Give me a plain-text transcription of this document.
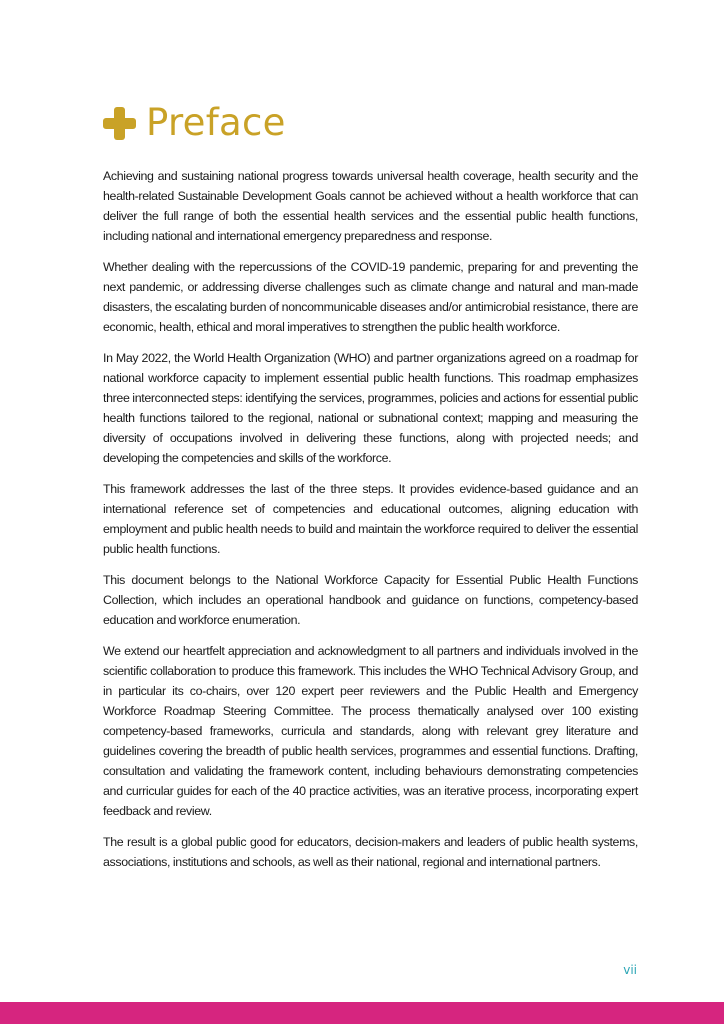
Preface

Achieving and sustaining national progress towards universal health coverage, health security and the health-related Sustainable Development Goals cannot be achieved without a health workforce that can deliver the full range of both the essential health services and the essential public health functions, including national and international emergency preparedness and response.

Whether dealing with the repercussions of the COVID-19 pandemic, preparing for and preventing the next pandemic, or addressing diverse challenges such as climate change and natural and man-made disasters, the escalating burden of noncommunicable diseases and/or antimicrobial resistance, there are economic, health, ethical and moral imperatives to strengthen the public health workforce.

In May 2022, the World Health Organization (WHO) and partner organizations agreed on a roadmap for national workforce capacity to implement essential public health functions. This roadmap emphasizes three interconnected steps: identifying the services, programmes, policies and actions for essential public health functions tailored to the regional, national or subnational context; mapping and measuring the diversity of occupations involved in delivering these functions, along with projected needs; and developing the competencies and skills of the workforce.

This framework addresses the last of the three steps. It provides evidence-based guidance and an international reference set of competencies and educational outcomes, aligning education with employment and public health needs to build and maintain the workforce required to deliver the essential public health functions.

This document belongs to the National Workforce Capacity for Essential Public Health Functions Collection, which includes an operational handbook and guidance on functions, competency-based education and workforce enumeration.

We extend our heartfelt appreciation and acknowledgment to all partners and individuals involved in the scientific collaboration to produce this framework. This includes the WHO Technical Advisory Group, and in particular its co-chairs, over 120 expert peer reviewers and the Public Health and Emergency Workforce Roadmap Steering Committee. The process thematically analysed over 100 existing competency-based frameworks, curricula and standards, along with relevant grey literature and guidelines covering the breadth of public health services, programmes and essential functions. Drafting, consultation and validating the framework content, including behaviours demonstrating competencies and curricular guides for each of the 40 practice activities, was an iterative process, incorporating expert feedback and review.

The result is a global public good for educators, decision-makers and leaders of public health systems, associations, institutions and schools, as well as their national, regional and international partners.

vii
